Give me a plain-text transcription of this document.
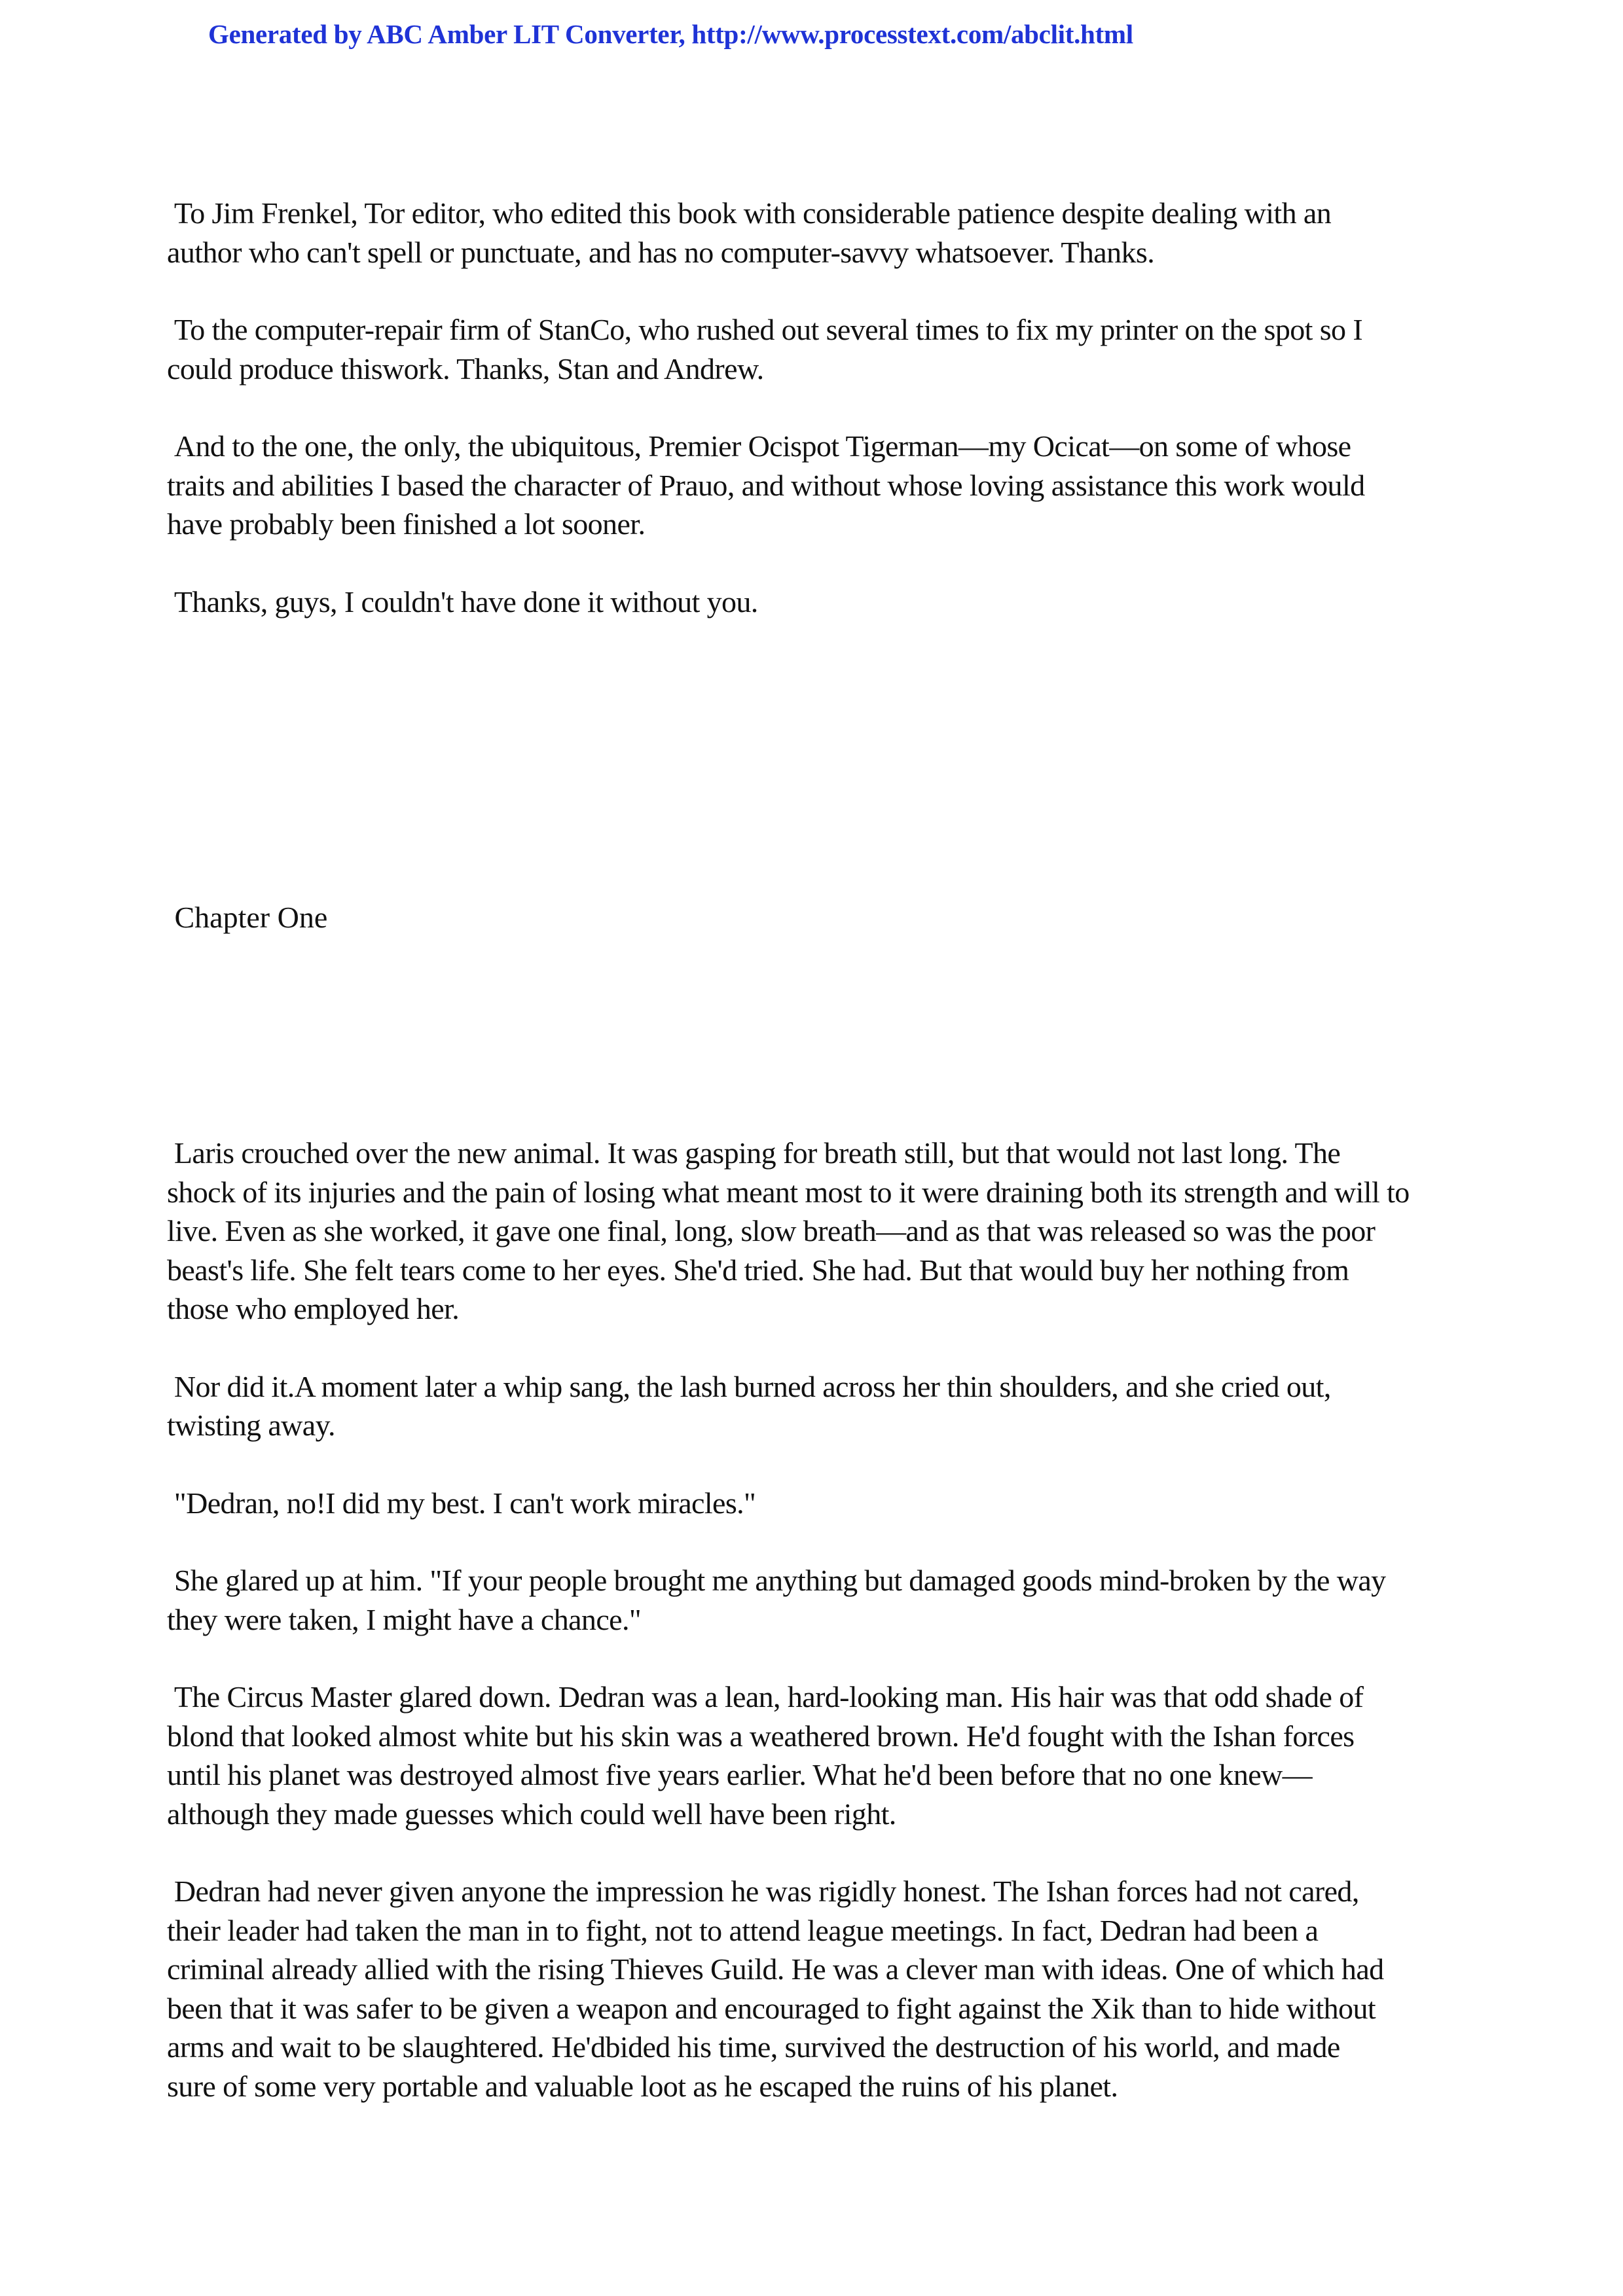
Generated by ABC Amber LIT Converter, http://www.processtext.com/abclit.html

To Jim Frenkel, Tor editor, who edited this book with considerable patience despite dealing with an
author who can't spell or punctuate, and has no computer-savvy whatsoever. Thanks.

To the computer-repair firm of StanCo, who rushed out several times to fix my printer on the spot so I
could produce thiswork. Thanks, Stan and Andrew.

And to the one, the only, the ubiquitous, Premier Ocispot Tigerman—my Ocicat—on some of whose
traits and abilities I based the character of Prauo, and without whose loving assistance this work would
have probably been finished a lot sooner.

Thanks, guys, I couldn't have done it without you.

Chapter One

Laris crouched over the new animal. It was gasping for breath still, but that would not last long. The
shock of its injuries and the pain of losing what meant most to it were draining both its strength and will to
live. Even as she worked, it gave one final, long, slow breath—and as that was released so was the poor
beast's life. She felt tears come to her eyes. She'd tried. She had. But that would buy her nothing from
those who employed her.

Nor did it.A moment later a whip sang, the lash burned across her thin shoulders, and she cried out,
twisting away.

"Dedran, no!I did my best. I can't work miracles."

She glared up at him. "If your people brought me anything but damaged goods mind-broken by the way
they were taken, I might have a chance."

The Circus Master glared down. Dedran was a lean, hard-looking man. His hair was that odd shade of
blond that looked almost white but his skin was a weathered brown. He'd fought with the Ishan forces
until his planet was destroyed almost five years earlier. What he'd been before that no one knew—
although they made guesses which could well have been right.

Dedran had never given anyone the impression he was rigidly honest. The Ishan forces had not cared,
their leader had taken the man in to fight, not to attend league meetings. In fact, Dedran had been a
criminal already allied with the rising Thieves Guild. He was a clever man with ideas. One of which had
been that it was safer to be given a weapon and encouraged to fight against the Xik than to hide without
arms and wait to be slaughtered. He'dbided his time, survived the destruction of his world, and made
sure of some very portable and valuable loot as he escaped the ruins of his planet.
